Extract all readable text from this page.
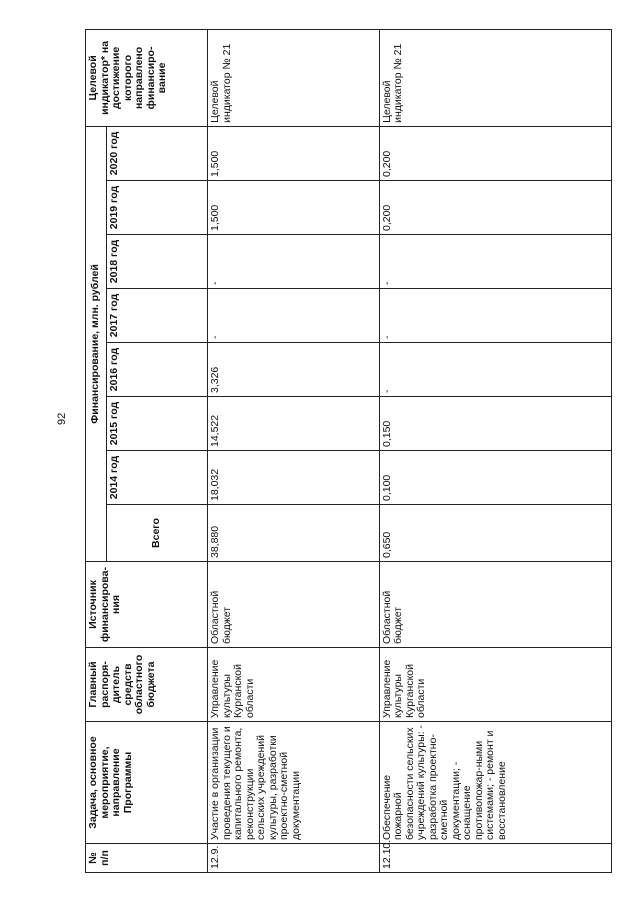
92
№ п/п	Задача, основное мероприятие, направление Программы	Главный распоря-дитель средств областного бюджета	Источник финансирова-ния	Финансирование, млн. рублей								Целевой индикатор* на достижение которого направлено финансиро-вание
				Всего	2014 год	2015 год	2016 год	2017 год	2018 год	2019 год	2020 год	
12.9.	Участие в организации проведения текущего и капитального ремонта, реконструкции сельских учреждений культуры, разработки проектно-сметной документации	Управление культуры Курганской области	Областной бюджет	38,880	18,032	14,522	3,326	-	-	1,500	1,500	Целевой индикатор № 21
12.10.	Обеспечение пожарной безопасности сельских учреждений культуры: - разработка проектно-сметной документации; - оснащение противопожар-ными системами; - ремонт и восстановление	Управление культуры Курганской области	Областной бюджет	0,650	0,100	0,150	-	-	-	0,200	0,200	Целевой индикатор № 21
